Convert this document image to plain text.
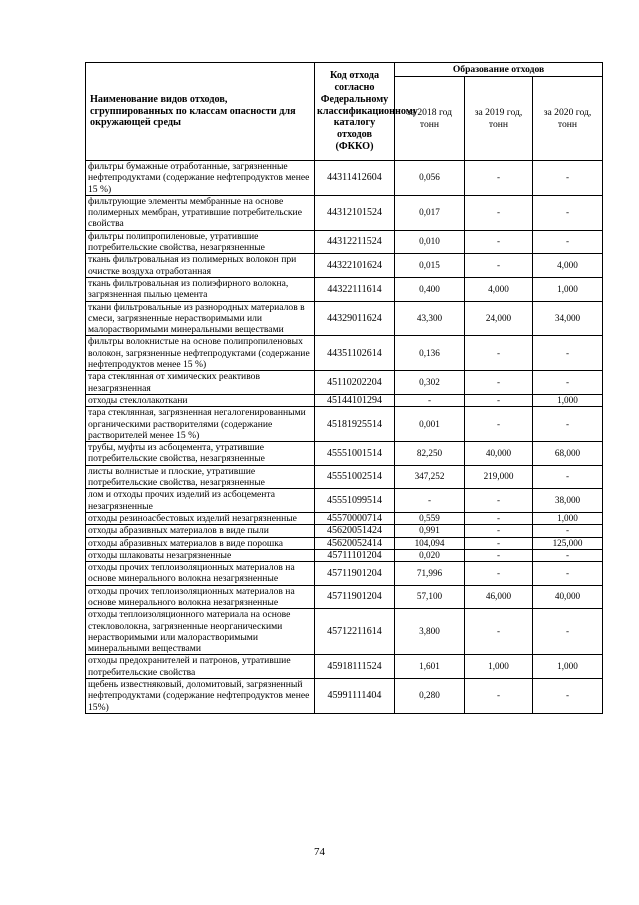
Наименование видов отходов, сгруппированных по классам опасности для окружающей среды	Код отхода согласно Федеральному классификационному каталогу отходов (ФККО)	Образование отходов		
		за 2018 год тонн	за 2019 год, тонн	за 2020 год, тонн
фильтры бумажные отработанные, загрязненные нефтепродуктами (содержание нефтепродуктов менее 15 %)	44311412604	0,056	-	-
фильтрующие элементы мембранные на основе полимерных мембран, утратившие потребительские свойства	44312101524	0,017	-	-
фильтры полипропиленовые, утратившие потребительские свойства, незагрязненные	44312211524	0,010	-	-
ткань фильтровальная из полимерных волокон при очистке воздуха отработанная	44322101624	0,015	-	4,000
ткань фильтровальная из полиэфирного волокна, загрязненная пылью цемента	44322111614	0,400	4,000	1,000
ткани фильтровальные из разнородных материалов в смеси, загрязненные нерастворимыми или малорастворимыми минеральными веществами	44329011624	43,300	24,000	34,000
фильтры волокнистые на основе полипропиленовых волокон, загрязненные нефтепродуктами (содержание нефтепродуктов менее 15 %)	44351102614	0,136	-	-
тара стеклянная от химических реактивов незагрязненная	45110202204	0,302	-	-
отходы стеклолакоткани	45144101294	-	-	1,000
тара стеклянная, загрязненная негалогенированными органическими растворителями (содержание растворителей менее 15 %)	45181925514	0,001	-	-
трубы, муфты из асбоцемента, утратившие потребительские свойства, незагрязненные	45551001514	82,250	40,000	68,000
листы волнистые и плоские, утратившие потребительские свойства, незагрязненные	45551002514	347,252	219,000	-
лом и отходы прочих изделий из асбоцемента незагрязненные	45551099514	-	-	38,000
отходы резиноасбестовых изделий незагрязненные	45570000714	0,559	-	1,000
отходы абразивных материалов в виде пыли	45620051424	0,991	-	-
отходы абразивных материалов в виде порошка	45620052414	104,094	-	125,000
отходы шлаковаты незагрязненные	45711101204	0,020	-	-
отходы прочих теплоизоляционных материалов на основе минерального волокна незагрязненные	45711901204	71,996	-	-
отходы прочих теплоизоляционных материалов на основе минерального волокна незагрязненные	45711901204	57,100	46,000	40,000
отходы теплоизоляционного материала на основе стекловолокна, загрязненные неорганическими нерастворимыми или малорастворимыми минеральными веществами	45712211614	3,800	-	-
отходы предохранителей и патронов, утратившие потребительские свойства	45918111524	1,601	1,000	1,000
щебень известняковый, доломитовый, загрязненный нефтепродуктами (содержание нефтепродуктов менее 15%)	45991111404	0,280	-	-
74
